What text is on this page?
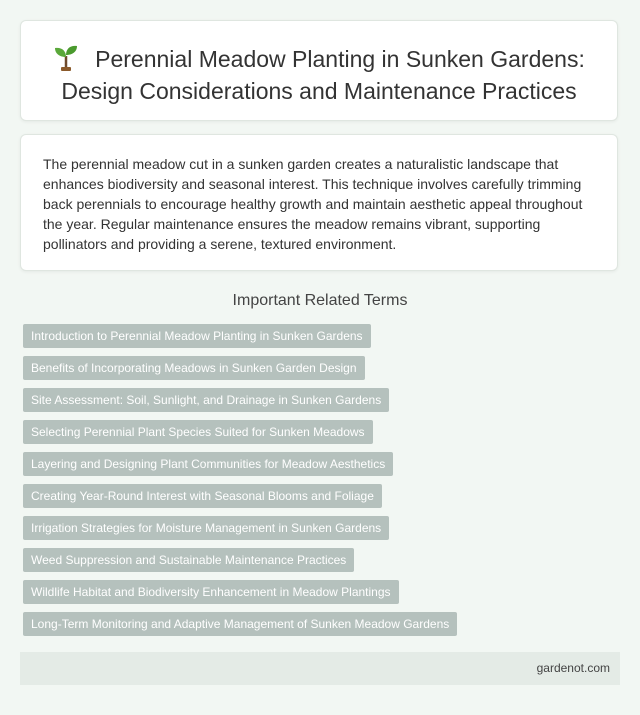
Perennial Meadow Planting in Sunken Gardens: Design Considerations and Maintenance Practices

The perennial meadow cut in a sunken garden creates a naturalistic landscape that enhances biodiversity and seasonal interest. This technique involves carefully trimming back perennials to encourage healthy growth and maintain aesthetic appeal throughout the year. Regular maintenance ensures the meadow remains vibrant, supporting pollinators and providing a serene, textured environment.

Important Related Terms
Introduction to Perennial Meadow Planting in Sunken Gardens
Benefits of Incorporating Meadows in Sunken Garden Design
Site Assessment: Soil, Sunlight, and Drainage in Sunken Gardens
Selecting Perennial Plant Species Suited for Sunken Meadows
Layering and Designing Plant Communities for Meadow Aesthetics
Creating Year-Round Interest with Seasonal Blooms and Foliage
Irrigation Strategies for Moisture Management in Sunken Gardens
Weed Suppression and Sustainable Maintenance Practices
Wildlife Habitat and Biodiversity Enhancement in Meadow Plantings
Long-Term Monitoring and Adaptive Management of Sunken Meadow Gardens
gardenot.com
